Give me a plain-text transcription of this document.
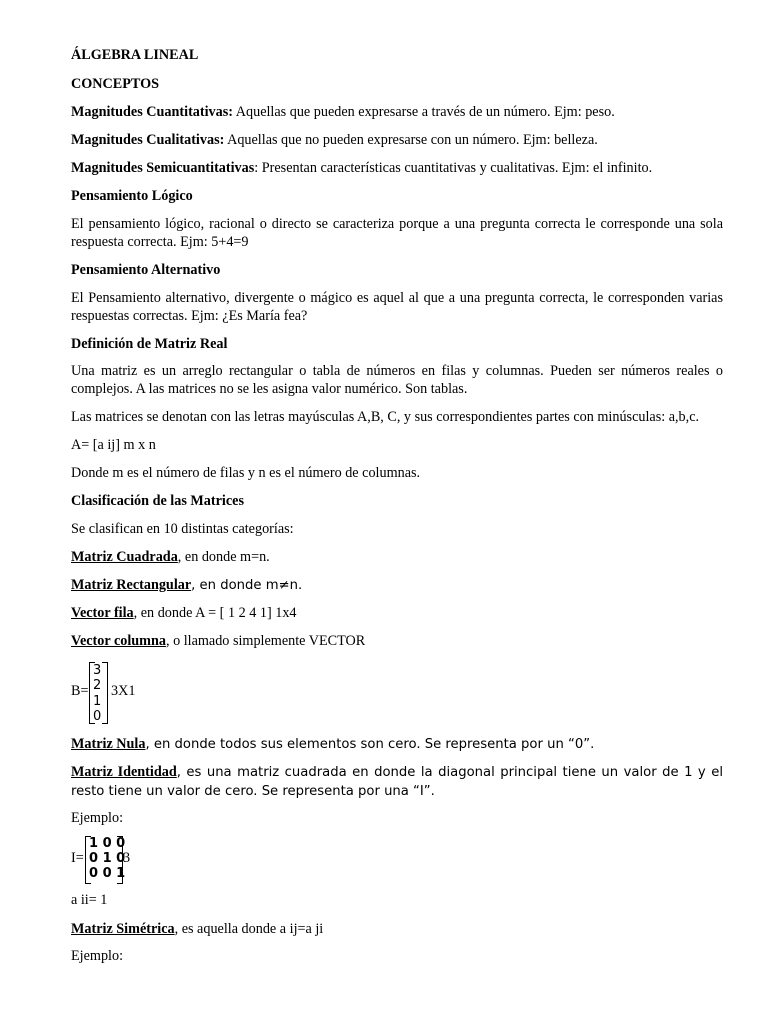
ÁLGEBRA LINEAL
CONCEPTOS
Magnitudes Cuantitativas: Aquellas que pueden expresarse a través de un número. Ejm: peso.
Magnitudes Cualitativas: Aquellas que no pueden expresarse con un número. Ejm: belleza.
Magnitudes Semicuantitativas: Presentan características cuantitativas y cualitativas. Ejm: el infinito.
Pensamiento Lógico
El pensamiento lógico, racional o directo se caracteriza porque a una pregunta correcta le corresponde una sola respuesta correcta. Ejm: 5+4=9
Pensamiento Alternativo
El Pensamiento alternativo, divergente o mágico es aquel al que a una pregunta correcta, le corresponden varias respuestas correctas. Ejm: ¿Es María fea?
Definición de Matriz Real
Una matriz es un arreglo rectangular o tabla de números en filas y columnas. Pueden ser números reales o complejos. A las matrices no se les asigna valor numérico. Son tablas.
Las matrices se denotan con las letras mayúsculas A,B, C, y sus correspondientes partes con minúsculas: a,b,c.
A= [a ij] m x n
Donde m es el número de filas y n es el número de columnas.
Clasificación de las Matrices
Se clasifican en 10 distintas categorías:
Matriz Cuadrada, en donde m=n.
Matriz Rectangular, en donde m≠n.
Vector fila, en donde A = [ 1 2 4 1] 1x4
Vector columna, o llamado simplemente VECTOR
B=
3
2
1
0
3X1
Matriz Nula, en donde todos sus elementos son cero. Se representa por un “0”.
Matriz Identidad, es una matriz cuadrada en donde la diagonal principal tiene un valor de 1 y el resto tiene un valor de cero. Se representa por una “I”.
Ejemplo:
I=
1 0 0
0 1 0
0 0 1
3
a ii= 1
Matriz Simétrica, es aquella donde a ij=a ji
Ejemplo:
